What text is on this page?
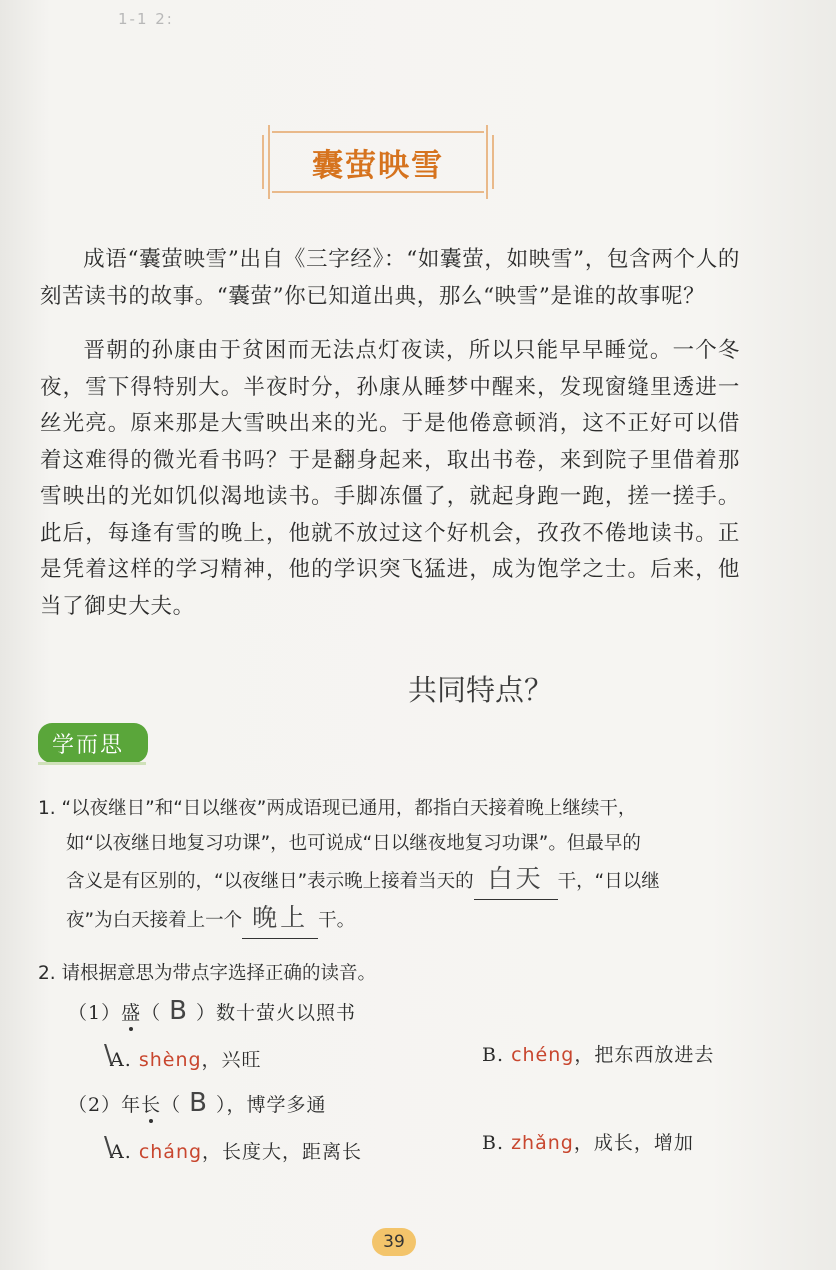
1-1 2:
囊萤映雪
成语“囊萤映雪”出自《三字经》：“如囊萤，如映雪”，包含两个人的刻苦读书的故事。“囊萤”你已知道出典，那么“映雪”是谁的故事呢？
晋朝的孙康由于贫困而无法点灯夜读，所以只能早早睡觉。一个冬夜，雪下得特别大。半夜时分，孙康从睡梦中醒来，发现窗缝里透进一丝光亮。原来那是大雪映出来的光。于是他倦意顿消，这不正好可以借着这难得的微光看书吗？于是翻身起来，取出书卷，来到院子里借着那雪映出的光如饥似渴地读书。手脚冻僵了，就起身跑一跑，搓一搓手。此后，每逢有雪的晚上，他就不放过这个好机会，孜孜不倦地读书。正是凭着这样的学习精神，他的学识突飞猛进，成为饱学之士。后来，他当了御史大夫。
共同特点？
学而思
1. “以夜继日”和“日以继夜”两成语现已通用，都指白天接着晚上继续干，
如“以夜继日地复习功课”，也可说成“日以继夜地复习功课”。但最早的
含义是有区别的，“以夜继日”表示晚上接着当天的 白天 干，“日以继
夜”为白天接着上一个 晚上 干。
2. 请根据意思为带点字选择正确的读音。
（1）盛（ B ）数十萤火以照书
\
A. shèng，兴旺	B. chéng，把东西放进去
（2）年长（ B ），博学多通
\
A. cháng，长度大，距离长	B. zhǎng，成长，增加
39
